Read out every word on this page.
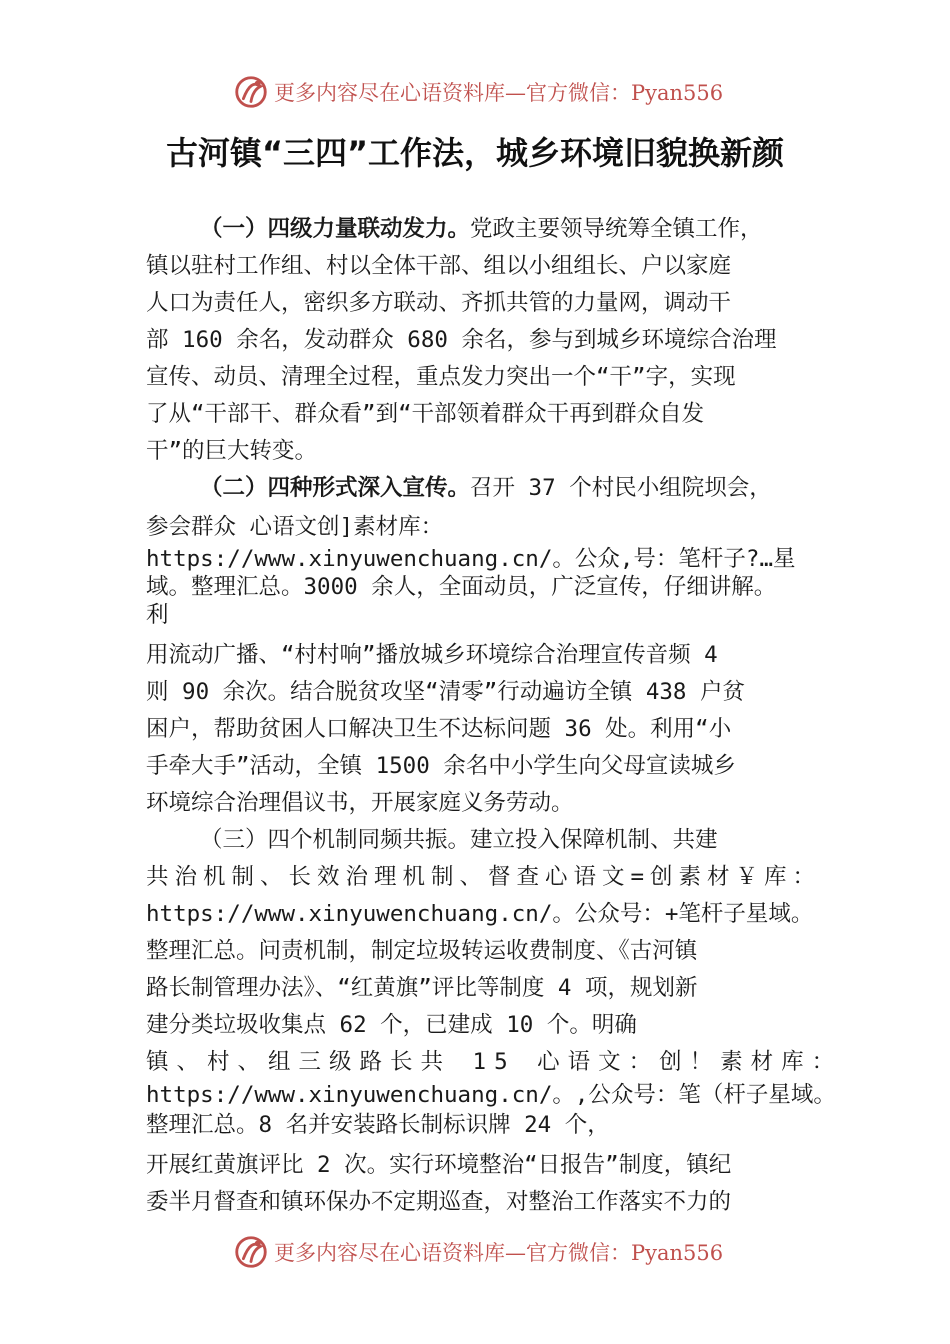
更多内容尽在心语资料库—官方微信：Pyan556
古河镇“三四”工作法，城乡环境旧貌换新颜
（一）四级力量联动发力。党政主要领导统筹全镇工作，
镇以驻村工作组、村以全体干部、组以小组组长、户以家庭
人口为责任人，密织多方联动、齐抓共管的力量网，调动干
部 160 余名，发动群众 680 余名，参与到城乡环境综合治理
宣传、动员、清理全过程，重点发力突出一个“干”字，实现
了从“干部干、群众看”到“干部领着群众干再到群众自发
干”的巨大转变。
（二）四种形式深入宣传。召开 37 个村民小组院坝会，
参会群众 心语文创]素材库：
https://www.xinyuwenchuang.cn/。公众,号：笔杆子?…星
域。整理汇总。3000 余人，全面动员，广泛宣传，仔细讲解。
利
用流动广播、“村村响”播放城乡环境综合治理宣传音频 4
则 90 余次。结合脱贫攻坚“清零”行动遍访全镇 438 户贫
困户，帮助贫困人口解决卫生不达标问题 36 处。利用“小
手牵大手”活动，全镇 1500 余名中小学生向父母宣读城乡
环境综合治理倡议书，开展家庭义务劳动。
（三）四个机制同频共振。建立投入保障机制、共建
共治机制、长效治理机制、督查心语文=创素材￥库：
https://www.xinyuwenchuang.cn/。公众号：+笔杆子星域。
整理汇总。问责机制，制定垃圾转运收费制度、《古河镇
路长制管理办法》、“红黄旗”评比等制度 4 项，规划新
建分类垃圾收集点 62 个，已建成 10 个。明确
镇、村、组三级路长共 15 心语文：创！素材库：
https://www.xinyuwenchuang.cn/。,公众号：笔（杆子星域。
整理汇总。8 名并安装路长制标识牌 24 个，
开展红黄旗评比 2 次。实行环境整治“日报告”制度，镇纪
委半月督查和镇环保办不定期巡查，对整治工作落实不力的
更多内容尽在心语资料库—官方微信：Pyan556
